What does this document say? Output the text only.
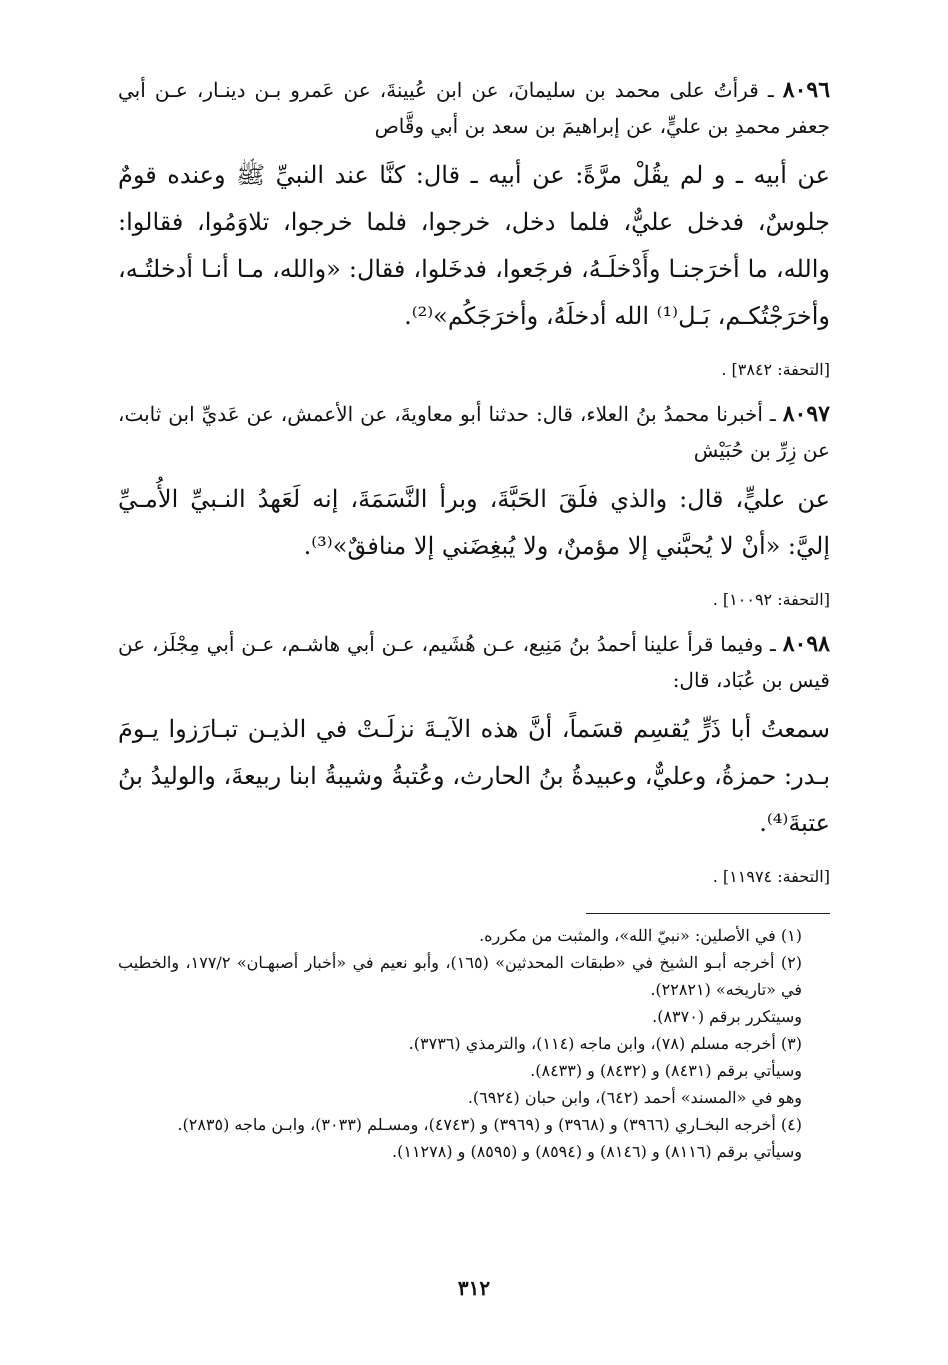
٨٠٩٦ ـ قرأتُ على محمد بن سليمانَ، عن ابن عُيينةَ، عن عَمرو بـن دينـار، عـن أبي جعفر محمدِ بن عليٍّ، عن إبراهيمَ بن سعد بن أبي وقَّاص

عن أبيه ـ و لم يقُلْ مرَّةً: عن أبيه ـ قال: كنَّا عند النبيِّ ﷺ وعنده قومٌ جلوسٌ، فدخل عليٌّ، فلما دخل، خرجوا، فلما خرجوا، تلاوَمُوا، فقالوا: والله، ما أخرَجنـا وأَدْخلَـهُ، فرجَعوا، فدخَلوا، فقال: «والله، مـا أنـا أدخلتُـه، وأخرَجْتُكـم، بَـل⁽¹⁾ الله أدخلَهُ، وأخرَجَكُم»⁽²⁾.

[التحفة: ٣٨٤٢] .

٨٠٩٧ ـ أخبرنا محمدُ بنُ العلاء، قال: حدثنا أبو معاويةَ، عن الأعمش، عن عَديِّ ابن ثابت، عن زِرِّ بن حُبَيْش

عن عليٍّ، قال: والذي فلَقَ الحَبَّةَ، وبرأ النَّسَمَةَ، إنه لَعَهدُ النـبيِّ الأُمـيِّ إليَّ: «أنْ لا يُحبَّني إلا مؤمنٌ، ولا يُبغِضَني إلا منافقٌ»⁽³⁾.

[التحفة: ١٠٠٩٢] .

٨٠٩٨ ـ وفيما قرأ علينا أحمدُ بنُ مَنِيع، عـن هُشَيم، عـن أبي هاشـم، عـن أبي مِجْلَز، عن قيس بن عُبَاد، قال:

سمعتُ أبا ذَرٍّ يُقسِم قسَماً، أنَّ هذه الآيـةَ نزلَـتْ في الذيـن تبـارَزوا يـومَ بـدر: حمزةُ، وعليٌّ، وعبيدةُ بنُ الحارث، وعُتبةُ وشيبةُ ابنا ربيعةَ، والوليدُ بنُ عتبةَ⁽⁴⁾.

[التحفة: ١١٩٧٤] .
(١) في الأصلين: «نبيّ الله»، والمثبت من مكرره.
(٢) أخرجه أبـو الشيخ في «طبقات المحدثين» (١٦٥)، وأبو نعيم في «أخبار أصبهـان» ١٧٧/٢، والخطيب في «تاريخه» (٢٢٨٢١).
وسيتكرر برقم (٨٣٧٠).
(٣) أخرجه مسلم (٧٨)، وابن ماجه (١١٤)، والترمذي (٣٧٣٦).
وسيأتي برقم (٨٤٣١) و (٨٤٣٢) و (٨٤٣٣).
وهو في «المسند» أحمد (٦٤٢)، وابن حبان (٦٩٢٤).
(٤) أخرجه البخـاري (٣٩٦٦) و (٣٩٦٨) و (٣٩٦٩) و (٤٧٤٣)، ومسـلم (٣٠٣٣)، وابـن ماجه (٢٨٣٥).
وسيأتي برقم (٨١١٦) و (٨١٤٦) و (٨٥٩٤) و (٨٥٩٥) و (١١٢٧٨).
٣١٢
